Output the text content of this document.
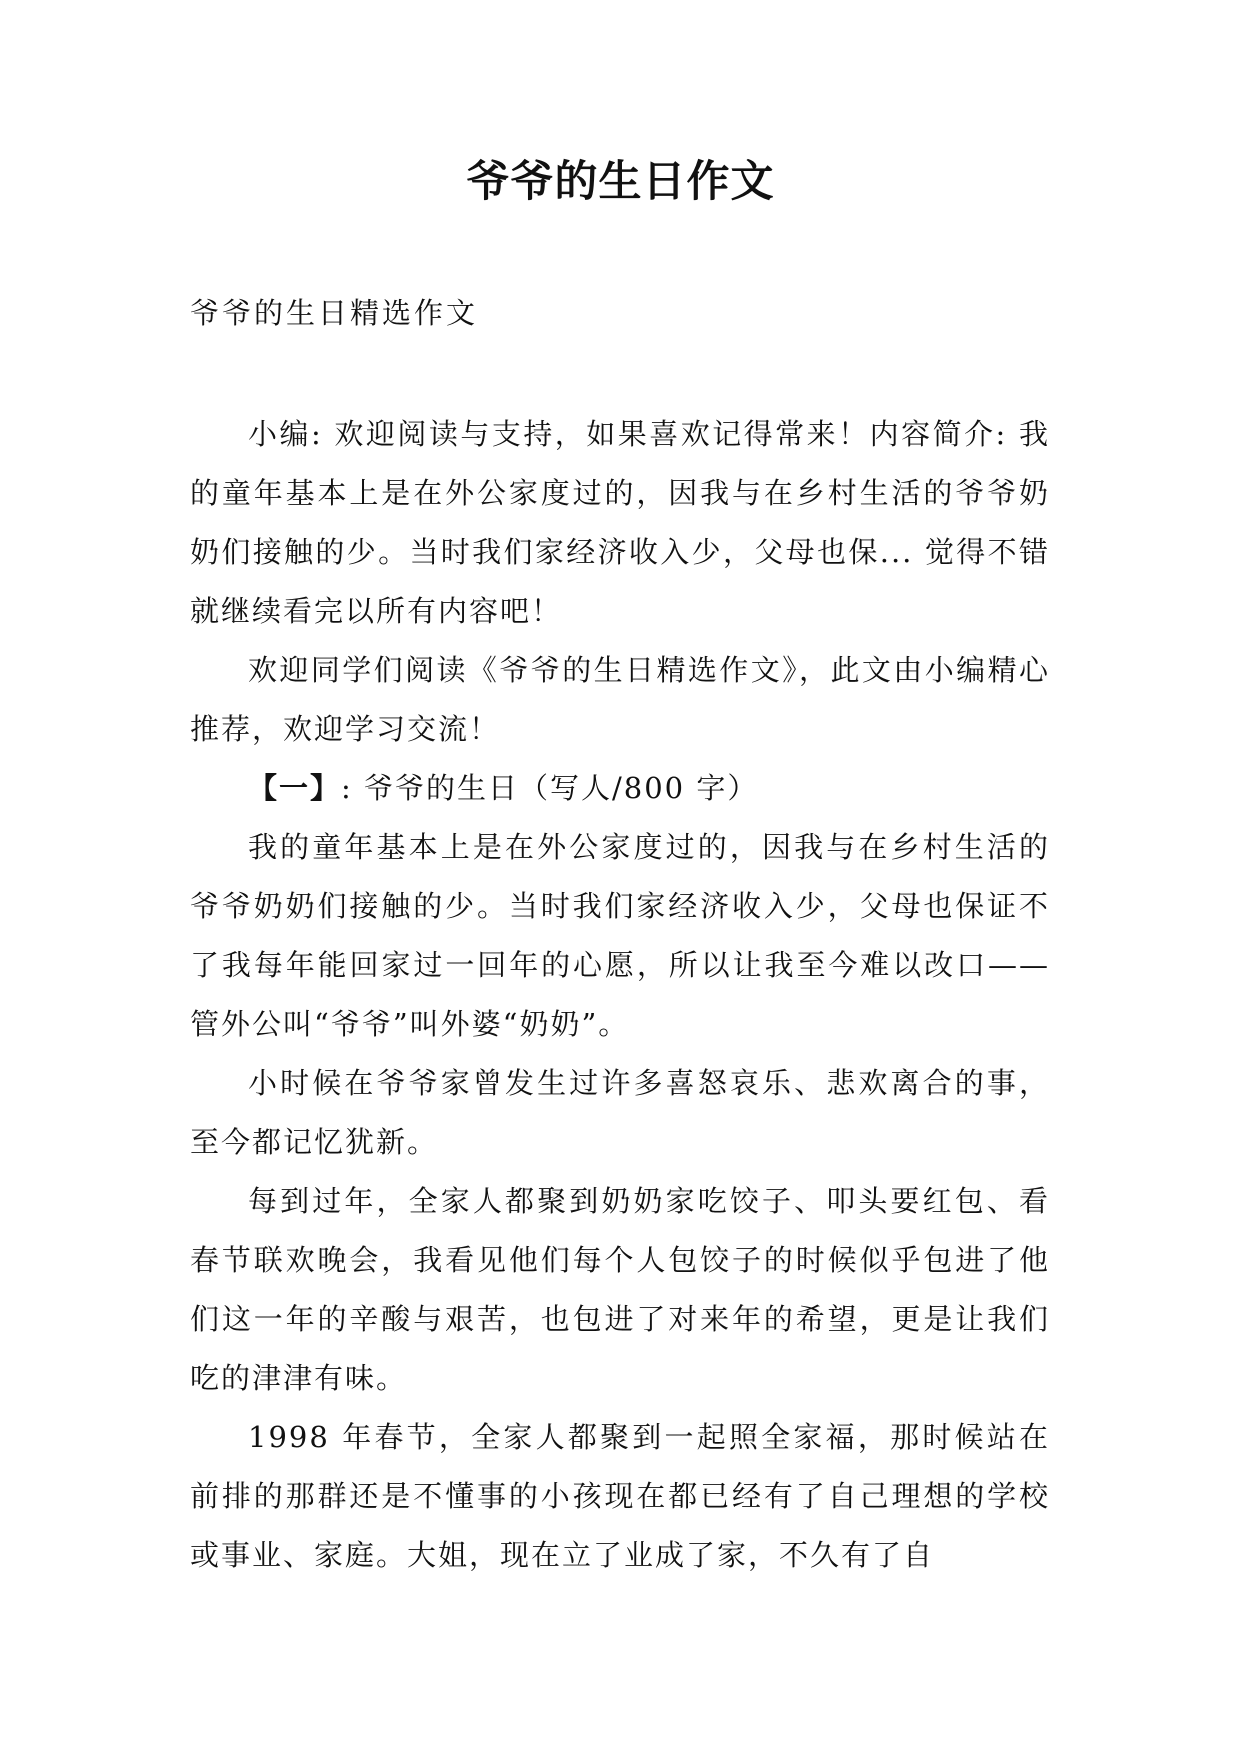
爷爷的生日作文

爷爷的生日精选作文

小编: 欢迎阅读与支持，如果喜欢记得常来！内容简介: 我的童年基本上是在外公家度过的，因我与在乡村生活的爷爷奶奶们接触的少。当时我们家经济收入少，父母也保... 觉得不错就继续看完以所有内容吧！

欢迎同学们阅读《爷爷的生日精选作文》，此文由小编精心推荐，欢迎学习交流！

【一】: 爷爷的生日（写人/800 字）

我的童年基本上是在外公家度过的，因我与在乡村生活的爷爷奶奶们接触的少。当时我们家经济收入少，父母也保证不了我每年能回家过一回年的心愿，所以让我至今难以改口——管外公叫“爷爷”叫外婆“奶奶”。

小时候在爷爷家曾发生过许多喜怒哀乐、悲欢离合的事，至今都记忆犹新。

每到过年，全家人都聚到奶奶家吃饺子、叩头要红包、看春节联欢晚会，我看见他们每个人包饺子的时候似乎包进了他们这一年的辛酸与艰苦，也包进了对来年的希望，更是让我们吃的津津有味。

1998 年春节，全家人都聚到一起照全家福，那时候站在前排的那群还是不懂事的小孩现在都已经有了自己理想的学校或事业、家庭。大姐，现在立了业成了家，不久有了自
